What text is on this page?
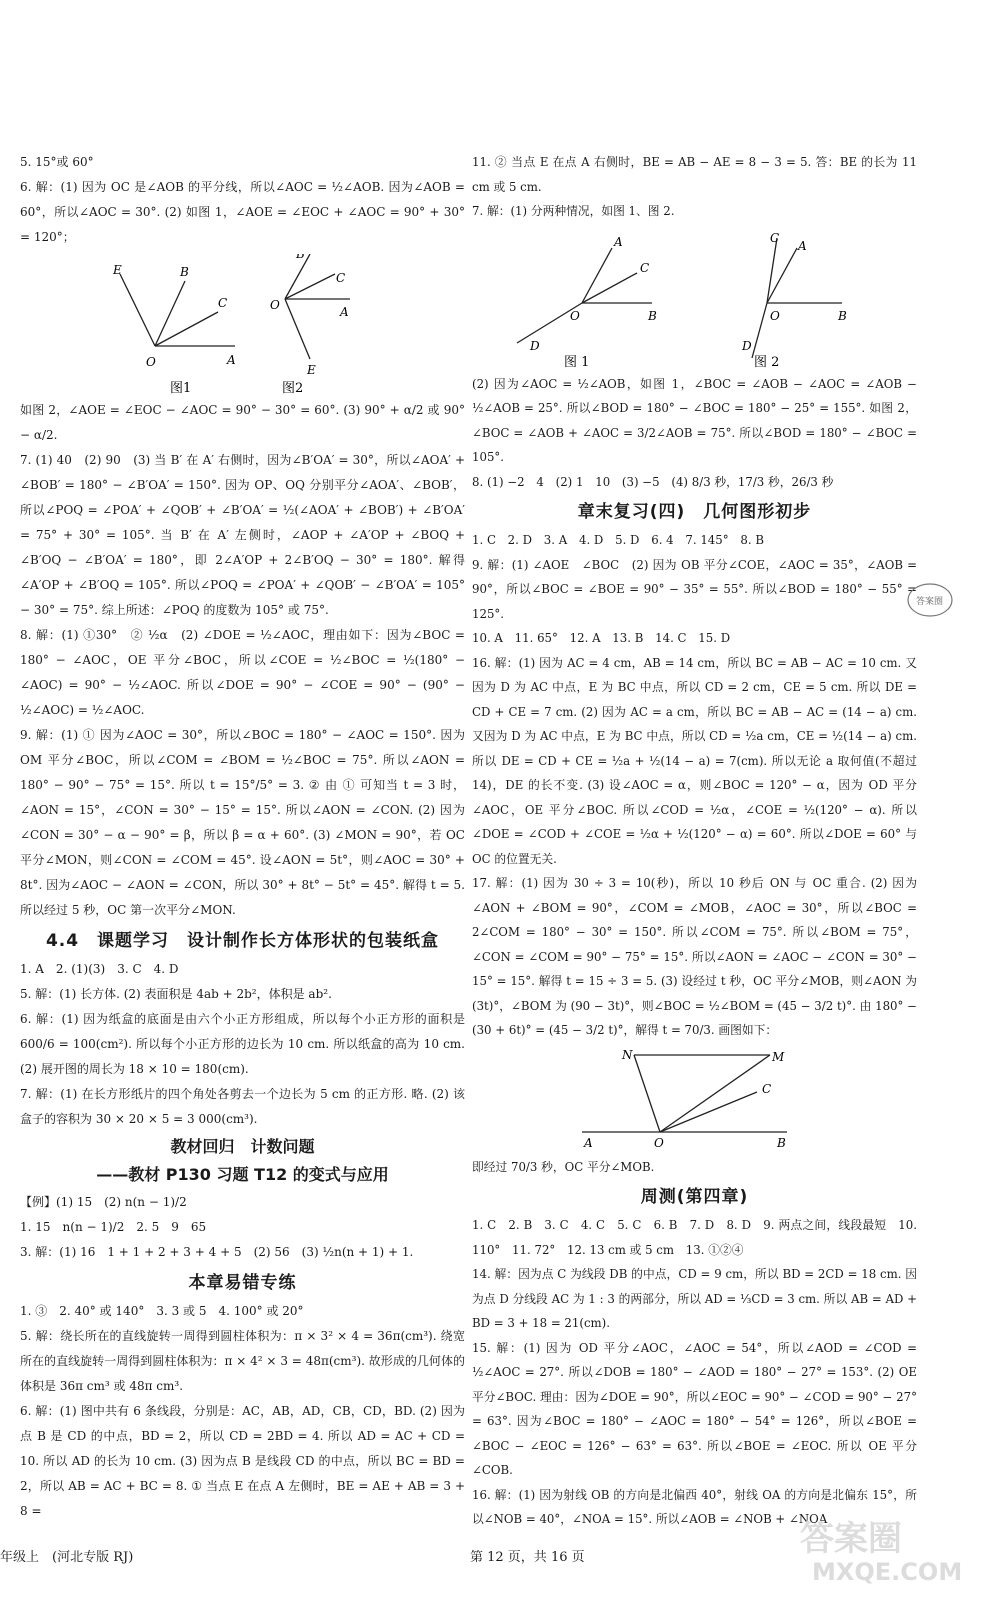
5. 15°或 60°
6. 解：(1) 因为 OC 是∠AOB 的平分线，所以∠AOC = ½∠AOB. 因为∠AOB = 60°，所以∠AOC = 30°. (2) 如图 1，∠AOE = ∠EOC + ∠AOC = 90° + 30° = 120°；
E	B
C
O	A
图1
B
C
O	A
E
图2
如图 2，∠AOE = ∠EOC − ∠AOC = 90° − 30° = 60°. (3) 90° + α/2 或 90° − α/2.
7. (1) 40　(2) 90　(3) 当 B′ 在 A′ 右侧时，因为∠B′OA′ = 30°，所以∠AOA′ + ∠BOB′ = 180° − ∠B′OA′ = 150°. 因为 OP、OQ 分别平分∠AOA′、∠BOB′，所以∠POQ = ∠POA′ + ∠QOB′ + ∠B′OA′ = ½(∠AOA′ + ∠BOB′) + ∠B′OA′ = 75° + 30° = 105°. 当 B′ 在 A′ 左侧时，∠AOP + ∠A′OP + ∠BOQ + ∠B′OQ − ∠B′OA′ = 180°，即 2∠A′OP + 2∠B′OQ − 30° = 180°. 解得 ∠A′OP + ∠B′OQ = 105°. 所以∠POQ = ∠POA′ + ∠QOB′ − ∠B′OA′ = 105° − 30° = 75°. 综上所述：∠POQ 的度数为 105° 或 75°.
8. 解：(1) ①30°　② ½α　(2) ∠DOE = ½∠AOC，理由如下：因为∠BOC = 180° − ∠AOC，OE 平分∠BOC，所以∠COE = ½∠BOC = ½(180° − ∠AOC) = 90° − ½∠AOC. 所以∠DOE = 90° − ∠COE = 90° − (90° − ½∠AOC) = ½∠AOC.
9. 解：(1) ① 因为∠AOC = 30°，所以∠BOC = 180° − ∠AOC = 150°. 因为 OM 平分∠BOC，所以∠COM = ∠BOM = ½∠BOC = 75°. 所以∠AON = 180° − 90° − 75° = 15°. 所以 t = 15°/5° = 3. ② 由 ① 可知当 t = 3 时，∠AON = 15°，∠CON = 30° − 15° = 15°. 所以∠AON = ∠CON. (2) 因为∠CON = 30° − α − 90° = β，所以 β = α + 60°. (3) ∠MON = 90°，若 OC 平分∠MON，则∠CON = ∠COM = 45°. 设∠AON = 5t°，则∠AOC = 30° + 8t°. 因为∠AOC − ∠AON = ∠CON，所以 30° + 8t° − 5t° = 45°. 解得 t = 5. 所以经过 5 秒，OC 第一次平分∠MON.
4.4　课题学习　设计制作长方体形状的包装纸盒
1. A　2. (1)(3)　3. C　4. D
5. 解：(1) 长方体. (2) 表面积是 4ab + 2b²，体积是 ab².
6. 解：(1) 因为纸盒的底面是由六个小正方形组成，所以每个小正方形的面积是 600/6 = 100(cm²). 所以每个小正方形的边长为 10 cm. 所以纸盒的高为 10 cm. (2) 展开图的周长为 18 × 10 = 180(cm).
7. 解：(1) 在长方形纸片的四个角处各剪去一个边长为 5 cm 的正方形. 略. (2) 该盒子的容积为 30 × 20 × 5 = 3 000(cm³).
教材回归　计数问题
——教材 P130 习题 T12 的变式与应用
【例】(1) 15　(2) n(n − 1)/2
1. 15　n(n − 1)/2　2. 5　9　65
3. 解：(1) 16　1 + 1 + 2 + 3 + 4 + 5　(2) 56　(3) ½n(n + 1) + 1.
本章易错专练
1. ③　2. 40° 或 140°　3. 3 或 5　4. 100° 或 20°
5. 解：绕长所在的直线旋转一周得到圆柱体积为：π × 3² × 4 = 36π(cm³). 绕宽所在的直线旋转一周得到圆柱体积为：π × 4² × 3 = 48π(cm³). 故形成的几何体的体积是 36π cm³ 或 48π cm³.
6. 解：(1) 图中共有 6 条线段，分别是：AC，AB，AD，CB，CD，BD. (2) 因为点 B 是 CD 的中点，BD = 2，所以 CD = 2BD = 4. 所以 AD = AC + CD = 10. 所以 AD 的长为 10 cm. (3) 因为点 B 是线段 CD 的中点，所以 BC = BD = 2，所以 AB = AC + BC = 8. ① 当点 E 在点 A 左侧时，BE = AE + AB = 3 + 8 =
11. ② 当点 E 在点 A 右侧时，BE = AB − AE = 8 − 3 = 5. 答：BE 的长为 11 cm 或 5 cm.
7. 解：(1) 分两种情况，如图 1、图 2.
A
C
O	B
D
图 1
C
A
O	B
D
图 2
(2) 因为∠AOC = ½∠AOB，如图 1，∠BOC = ∠AOB − ∠AOC = ∠AOB − ½∠AOB = 25°. 所以∠BOD = 180° − ∠BOC = 180° − 25° = 155°. 如图 2，∠BOC = ∠AOB + ∠AOC = 3/2∠AOB = 75°. 所以∠BOD = 180° − ∠BOC = 105°.
8. (1) −2　4　(2) 1　10　(3) −5　(4) 8/3 秒，17/3 秒，26/3 秒
章末复习(四)　几何图形初步
1. C　2. D　3. A　4. D　5. D　6. 4　7. 145°　8. B
9. 解：(1) ∠AOE　∠BOC　(2) 因为 OB 平分∠COE，∠AOC = 35°，∠AOB = 90°，所以∠BOC = ∠BOE = 90° − 35° = 55°. 所以∠BOD = 180° − 55° = 125°.
10. A　11. 65°　12. A　13. B　14. C　15. D
16. 解：(1) 因为 AC = 4 cm，AB = 14 cm，所以 BC = AB − AC = 10 cm. 又因为 D 为 AC 中点，E 为 BC 中点，所以 CD = 2 cm，CE = 5 cm. 所以 DE = CD + CE = 7 cm. (2) 因为 AC = a cm，所以 BC = AB − AC = (14 − a) cm. 又因为 D 为 AC 中点，E 为 BC 中点，所以 CD = ½a cm，CE = ½(14 − a) cm. 所以 DE = CD + CE = ½a + ½(14 − a) = 7(cm). 所以无论 a 取何值(不超过 14)，DE 的长不变. (3) 设∠AOC = α，则∠BOC = 120° − α，因为 OD 平分∠AOC，OE 平分∠BOC. 所以∠COD = ½α，∠COE = ½(120° − α). 所以∠DOE = ∠COD + ∠COE = ½α + ½(120° − α) = 60°. 所以∠DOE = 60° 与 OC 的位置无关.
17. 解：(1) 因为 30 ÷ 3 = 10(秒)，所以 10 秒后 ON 与 OC 重合. (2) 因为∠AON + ∠BOM = 90°，∠COM = ∠MOB，∠AOC = 30°，所以∠BOC = 2∠COM = 180° − 30° = 150°. 所以∠COM = 75°. 所以∠BOM = 75°，∠CON = ∠COM = 90° − 75° = 15°. 所以∠AON = ∠AOC − ∠CON = 30° − 15° = 15°. 解得 t = 15 ÷ 3 = 5. (3) 设经过 t 秒，OC 平分∠MOB，则∠AON 为 (3t)°，∠BOM 为 (90 − 3t)°，则∠BOC = ½∠BOM = (45 − 3/2 t)°. 由 180° − (30 + 6t)° = (45 − 3/2 t)°，解得 t = 70/3. 画图如下：
N	M
C
A	O	B
即经过 70/3 秒，OC 平分∠MOB.
周测(第四章)
1. C　2. B　3. C　4. C　5. C　6. B　7. D　8. D　9. 两点之间，线段最短　10. 110°　11. 72°　12. 13 cm 或 5 cm　13. ①②④
14. 解：因为点 C 为线段 DB 的中点，CD = 9 cm，所以 BD = 2CD = 18 cm. 因为点 D 分线段 AC 为 1 : 3 的两部分，所以 AD = ⅓CD = 3 cm. 所以 AB = AD + BD = 3 + 18 = 21(cm).
15. 解：(1) 因为 OD 平分∠AOC，∠AOC = 54°，所以∠AOD = ∠COD = ½∠AOC = 27°. 所以∠DOB = 180° − ∠AOD = 180° − 27° = 153°. (2) OE 平分∠BOC. 理由：因为∠DOE = 90°，所以∠EOC = 90° − ∠COD = 90° − 27° = 63°. 因为∠BOC = 180° − ∠AOC = 180° − 54° = 126°，所以∠BOE = ∠BOC − ∠EOC = 126° − 63° = 63°. 所以∠BOE = ∠EOC. 所以 OE 平分∠COB.
16. 解：(1) 因为射线 OB 的方向是北偏西 40°，射线 OA 的方向是北偏东 15°，所以∠NOB = 40°，∠NOA = 15°. 所以∠AOB = ∠NOB + ∠NOA
答案圈
年级上　(河北专版 RJ)	第 12 页，共 16 页	答案圈
MXQE.COM
